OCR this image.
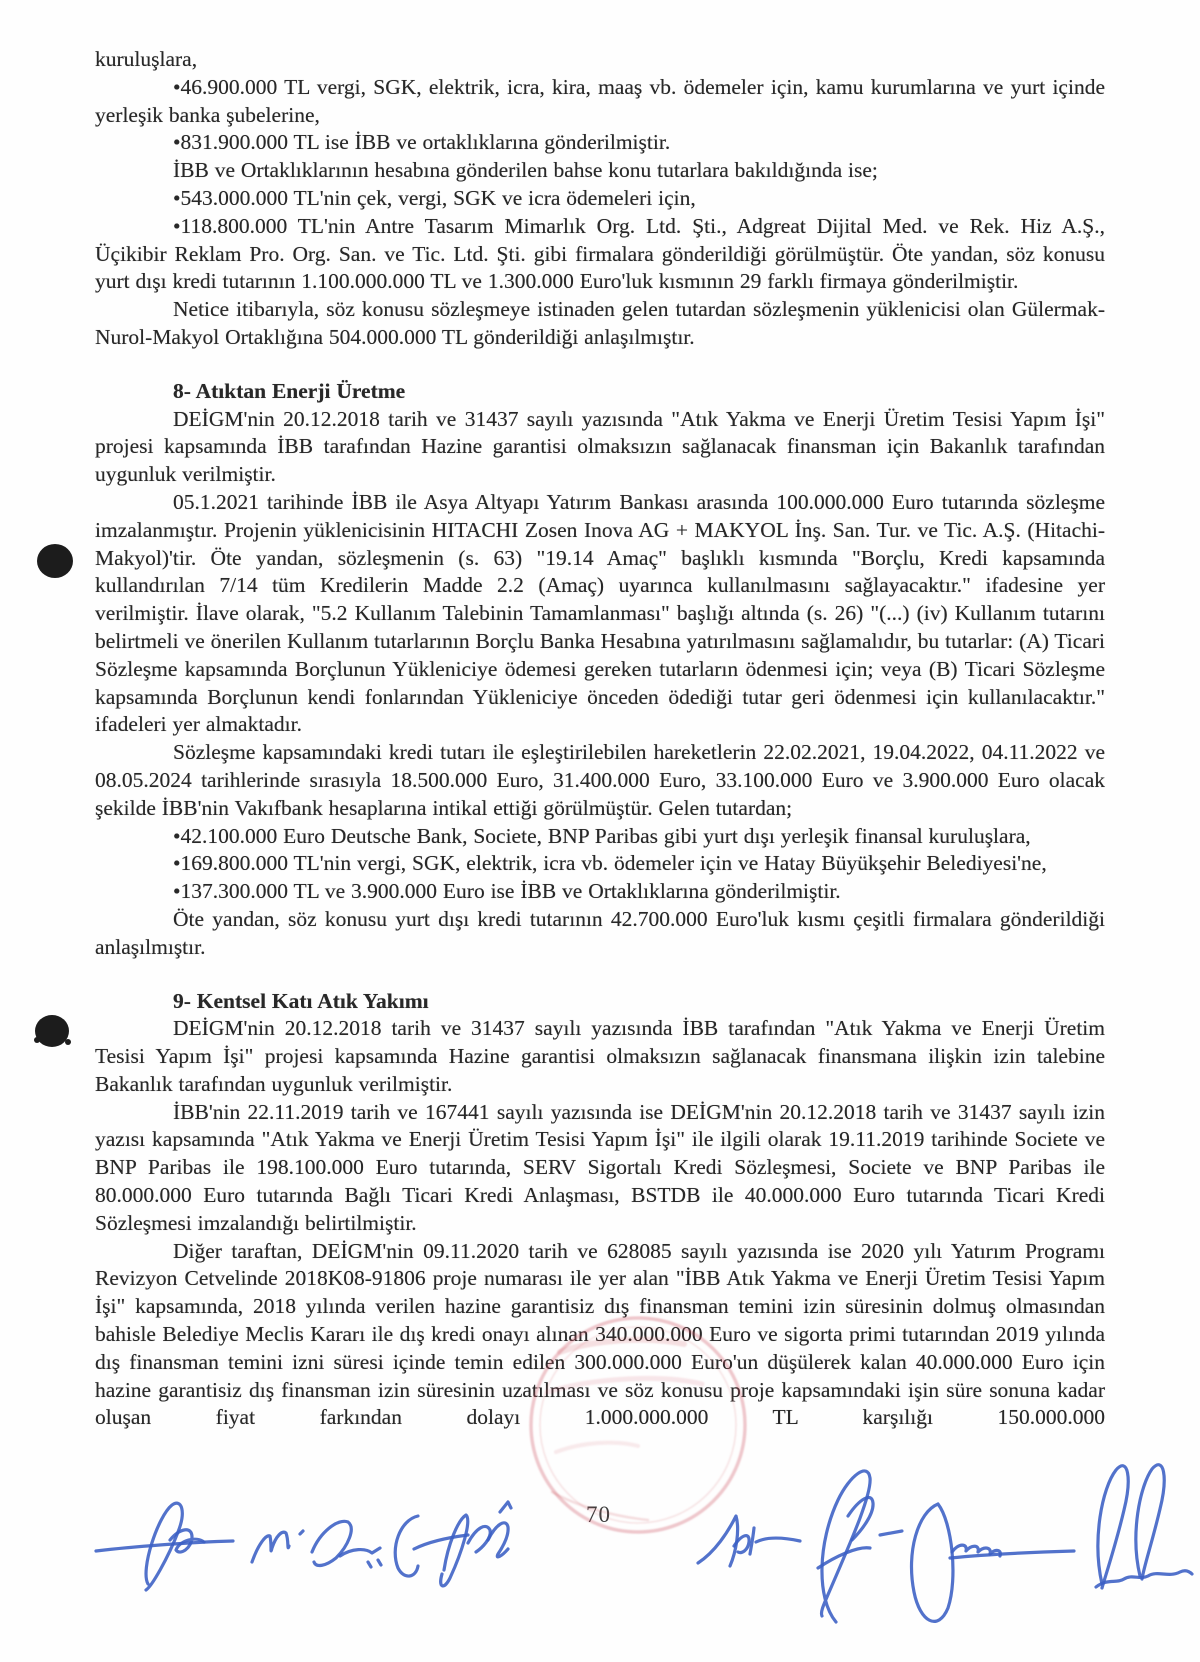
kuruluşlara,

•46.900.000 TL vergi, SGK, elektrik, icra, kira, maaş vb. ödemeler için, kamu kurumlarına ve yurt içinde yerleşik banka şubelerine,

•831.900.000 TL ise İBB ve ortaklıklarına gönderilmiştir.

İBB ve Ortaklıklarının hesabına gönderilen bahse konu tutarlara bakıldığında ise;

•543.000.000 TL'nin çek, vergi, SGK ve icra ödemeleri için,

•118.800.000 TL'nin Antre Tasarım Mimarlık Org. Ltd. Şti., Adgreat Dijital Med. ve Rek. Hiz A.Ş., Üçikibir Reklam Pro. Org. San. ve Tic. Ltd. Şti. gibi firmalara gönderildiği görülmüştür. Öte yandan, söz konusu yurt dışı kredi tutarının 1.100.000.000 TL ve 1.300.000 Euro'luk kısmının 29 farklı firmaya gönderilmiştir.

Netice itibarıyla, söz konusu sözleşmeye istinaden gelen tutardan sözleşmenin yüklenicisi olan Gülermak-Nurol-Makyol Ortaklığına 504.000.000 TL gönderildiği anlaşılmıştır.

8- Atıktan Enerji Üretme

DEİGM'nin 20.12.2018 tarih ve 31437 sayılı yazısında "Atık Yakma ve Enerji Üretim Tesisi Yapım İşi" projesi kapsamında İBB tarafından Hazine garantisi olmaksızın sağlanacak finansman için Bakanlık tarafından uygunluk verilmiştir.

05.1.2021 tarihinde İBB ile Asya Altyapı Yatırım Bankası arasında 100.000.000 Euro tutarında sözleşme imzalanmıştır. Projenin yüklenicisinin HITACHI Zosen Inova AG + MAKYOL İnş. San. Tur. ve Tic. A.Ş. (Hitachi-Makyol)'tir. Öte yandan, sözleşmenin (s. 63) "19.14 Amaç" başlıklı kısmında "Borçlu, Kredi kapsamında kullandırılan 7/14 tüm Kredilerin Madde 2.2 (Amaç) uyarınca kullanılmasını sağlayacaktır." ifadesine yer verilmiştir. İlave olarak, "5.2 Kullanım Talebinin Tamamlanması" başlığı altında (s. 26) "(...) (iv) Kullanım tutarını belirtmeli ve önerilen Kullanım tutarlarının Borçlu Banka Hesabına yatırılmasını sağlamalıdır, bu tutarlar: (A) Ticari Sözleşme kapsamında Borçlunun Yükleniciye ödemesi gereken tutarların ödenmesi için; veya (B) Ticari Sözleşme kapsamında Borçlunun kendi fonlarından Yükleniciye önceden ödediği tutar geri ödenmesi için kullanılacaktır." ifadeleri yer almaktadır.

Sözleşme kapsamındaki kredi tutarı ile eşleştirilebilen hareketlerin 22.02.2021, 19.04.2022, 04.11.2022 ve 08.05.2024 tarihlerinde sırasıyla 18.500.000 Euro, 31.400.000 Euro, 33.100.000 Euro ve 3.900.000 Euro olacak şekilde İBB'nin Vakıfbank hesaplarına intikal ettiği görülmüştür. Gelen tutardan;

•42.100.000 Euro Deutsche Bank, Societe, BNP Paribas gibi yurt dışı yerleşik finansal kuruluşlara,

•169.800.000 TL'nin vergi, SGK, elektrik, icra vb. ödemeler için ve Hatay Büyükşehir Belediyesi'ne,

•137.300.000 TL ve 3.900.000 Euro ise İBB ve Ortaklıklarına gönderilmiştir.

Öte yandan, söz konusu yurt dışı kredi tutarının 42.700.000 Euro'luk kısmı çeşitli firmalara gönderildiği anlaşılmıştır.

9- Kentsel Katı Atık Yakımı

DEİGM'nin 20.12.2018 tarih ve 31437 sayılı yazısında İBB tarafından "Atık Yakma ve Enerji Üretim Tesisi Yapım İşi" projesi kapsamında Hazine garantisi olmaksızın sağlanacak finansmana ilişkin izin talebine Bakanlık tarafından uygunluk verilmiştir.

İBB'nin 22.11.2019 tarih ve 167441 sayılı yazısında ise DEİGM'nin 20.12.2018 tarih ve 31437 sayılı izin yazısı kapsamında "Atık Yakma ve Enerji Üretim Tesisi Yapım İşi" ile ilgili olarak 19.11.2019 tarihinde Societe ve BNP Paribas ile 198.100.000 Euro tutarında, SERV Sigortalı Kredi Sözleşmesi, Societe ve BNP Paribas ile 80.000.000 Euro tutarında Bağlı Ticari Kredi Anlaşması, BSTDB ile 40.000.000 Euro tutarında Ticari Kredi Sözleşmesi imzalandığı belirtilmiştir.

Diğer taraftan, DEİGM'nin 09.11.2020 tarih ve 628085 sayılı yazısında ise 2020 yılı Yatırım Programı Revizyon Cetvelinde 2018K08-91806 proje numarası ile yer alan "İBB Atık Yakma ve Enerji Üretim Tesisi Yapım İşi" kapsamında, 2018 yılında verilen hazine garantisiz dış finansman temini izin süresinin dolmuş olmasından bahisle Belediye Meclis Kararı ile dış kredi onayı alınan 340.000.000 Euro ve sigorta primi tutarından 2019 yılında dış finansman temini izni süresi içinde temin edilen 300.000.000 Euro'un düşülerek kalan 40.000.000 Euro için hazine garantisiz dış finansman izin süresinin uzatılması ve söz konusu proje kapsamındaki işin süre sonuna kadar oluşan fiyat farkından dolayı 1.000.000.000 TL karşılığı 150.000.000

70
